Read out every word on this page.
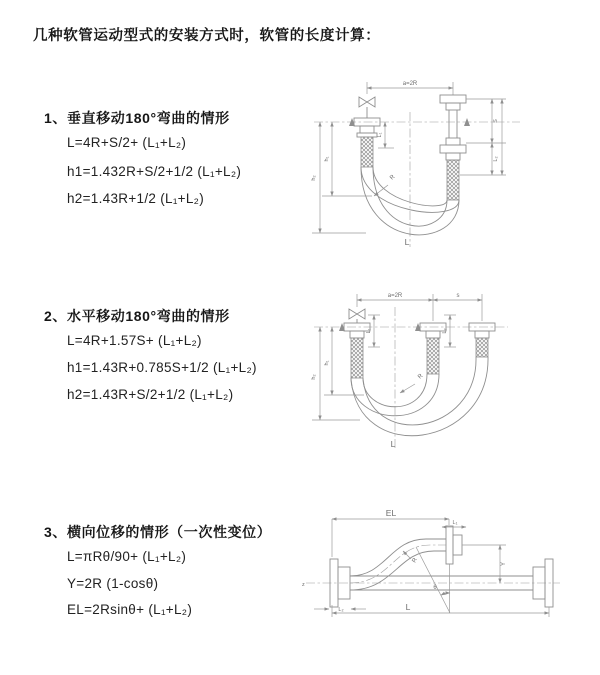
几种软管运动型式的安装方式时，软管的长度计算：
1、垂直移动180°弯曲的情形
L=4R+S/2+ (L₁+L₂)
h1=1.432R+S/2+1/2 (L₁+L₂)
h2=1.43R+1/2 (L₁+L₂)
2、水平移动180°弯曲的情形
L=4R+1.57S+ (L₁+L₂)
h1=1.43R+0.785S+1/2 (L₁+L₂)
h2=1.43R+S/2+1/2 (L₁+L₂)
3、横向位移的情形（一次性变位）
L=πRθ/90+ (L₁+L₂)
Y=2R (1-cosθ)
EL=2Rsinθ+ (L₁+L₂)
a=2R
L₁
h₁
h₂
S
L₂
R
L
a=2R	s
L₁	L₂
h₁
h₂	R
L
EL
L₁
z
Y
θ
R
L
L₂
